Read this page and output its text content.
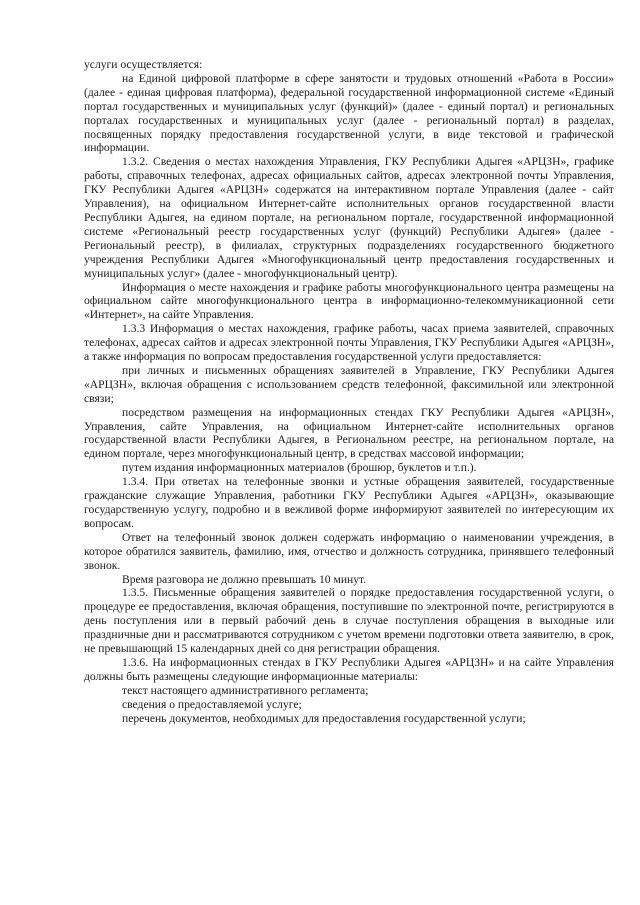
услуги осуществляется:

на Единой цифровой платформе в сфере занятости и трудовых отношений «Работа в России» (далее - единая цифровая платформа), федеральной государственной информационной системе «Единый портал государственных и муниципальных услуг (функций)» (далее - единый портал) и региональных порталах государственных и муниципальных услуг (далее - региональный портал) в разделах, посвященных порядку предоставления государственной услуги, в виде текстовой и графической информации.

1.3.2. Сведения о местах нахождения Управления, ГКУ Республики Адыгея «АРЦЗН», графике работы, справочных телефонах, адресах официальных сайтов, адресах электронной почты Управления, ГКУ Республики Адыгея «АРЦЗН» содержатся на интерактивном портале Управления (далее - сайт Управления), на официальном Интернет-сайте исполнительных органов государственной власти Республики Адыгея, на едином портале, на региональном портале, государственной информационной системе «Региональный реестр государственных услуг (функций) Республики Адыгея» (далее - Региональный реестр), в филиалах, структурных подразделениях государственного бюджетного учреждения Республики Адыгея «Многофункциональный центр предоставления государственных и муниципальных услуг» (далее - многофункциональный центр).

Информация о месте нахождения и графике работы многофункционального центра размещены на официальном сайте многофункционального центра в информационно-телекоммуникационной сети «Интернет», на сайте Управления.

1.3.3 Информация о местах нахождения, графике работы, часах приема заявителей, справочных телефонах, адресах сайтов и адресах электронной почты Управления, ГКУ Республики Адыгея «АРЦЗН», а также информация по вопросам предоставления государственной услуги предоставляется:

при личных и письменных обращениях заявителей в Управление, ГКУ Республики Адыгея «АРЦЗН», включая обращения с использованием средств телефонной, факсимильной или электронной связи;

посредством размещения на информационных стендах ГКУ Республики Адыгея «АРЦЗН», Управления, сайте Управления, на официальном Интернет-сайте исполнительных органов государственной власти Республики Адыгея, в Региональном реестре, на региональном портале, на едином портале, через многофункциональный центр, в средствах массовой информации;

путем издания информационных материалов (брошюр, буклетов и т.п.).

1.3.4. При ответах на телефонные звонки и устные обращения заявителей, государственные гражданские служащие Управления, работники ГКУ Республики Адыгея «АРЦЗН», оказывающие государственную услугу, подробно и в вежливой форме информируют заявителей по интересующим их вопросам.

Ответ на телефонный звонок должен содержать информацию о наименовании учреждения, в которое обратился заявитель, фамилию, имя, отчество и должность сотрудника, принявшего телефонный звонок.

Время разговора не должно превышать 10 минут.

1.3.5. Письменные обращения заявителей о порядке предоставления государственной услуги, о процедуре ее предоставления, включая обращения, поступившие по электронной почте, регистрируются в день поступления или в первый рабочий день в случае поступления обращения в выходные или праздничные дни и рассматриваются сотрудником с учетом времени подготовки ответа заявителю, в срок, не превышающий 15 календарных дней со дня регистрации обращения.

1.3.6. На информационных стендах в ГКУ Республики Адыгея «АРЦЗН» и на сайте Управления должны быть размещены следующие информационные материалы:

текст настоящего административного регламента;

сведения о предоставляемой услуге;

перечень документов, необходимых для предоставления государственной услуги;
